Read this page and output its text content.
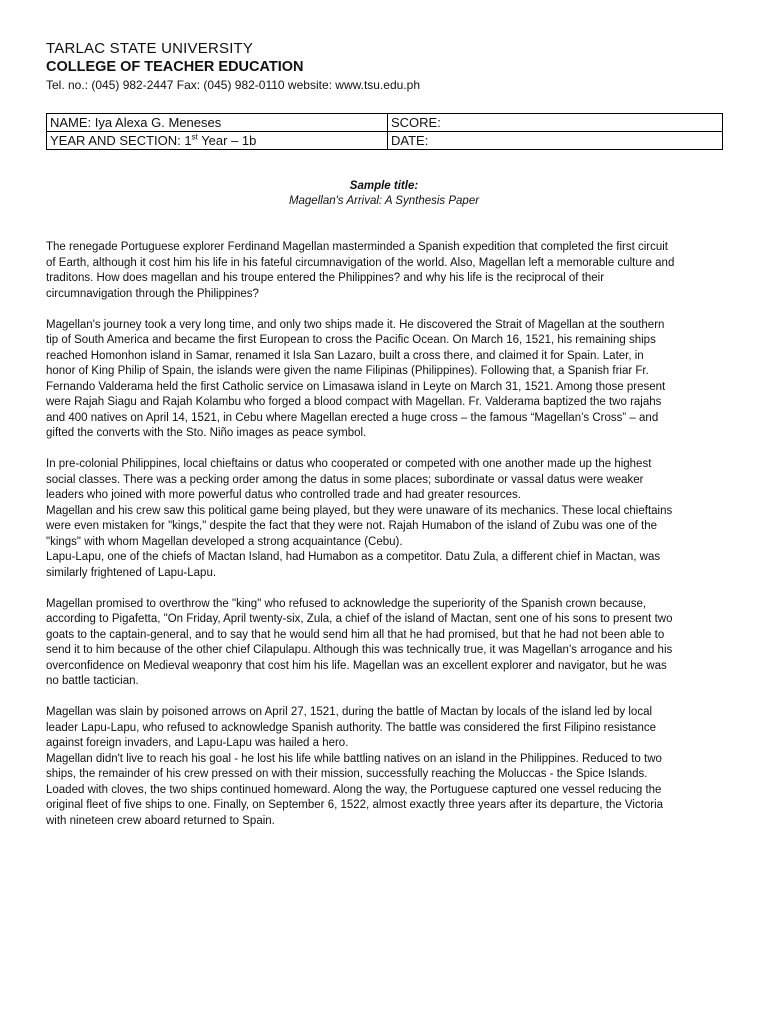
TARLAC STATE UNIVERSITY
COLLEGE OF TEACHER EDUCATION
Tel. no.: (045) 982-2447 Fax: (045) 982-0110 website: www.tsu.edu.ph
NAME: Iya Alexa G. Meneses	SCORE:
YEAR AND SECTION: 1st Year – 1b	DATE:
Sample title:
Magellan's Arrival: A Synthesis Paper

The renegade Portuguese explorer Ferdinand Magellan masterminded a Spanish expedition that completed the first circuit
of Earth, although it cost him his life in his fateful circumnavigation of the world. Also, Magellan left a memorable culture and
traditons. How does magellan and his troupe entered the Philippines? and why his life is the reciprocal of their
circumnavigation through the Philippines?

Magellan's journey took a very long time, and only two ships made it. He discovered the Strait of Magellan at the southern
tip of South America and became the first European to cross the Pacific Ocean. On March 16, 1521, his remaining ships
reached Homonhon island in Samar, renamed it Isla San Lazaro, built a cross there, and claimed it for Spain. Later, in
honor of King Philip of Spain, the islands were given the name Filipinas (Philippines). Following that, a Spanish friar Fr.
Fernando Valderama held the first Catholic service on Limasawa island in Leyte on March 31, 1521. Among those present
were Rajah Siagu and Rajah Kolambu who forged a blood compact with Magellan. Fr. Valderama baptized the two rajahs
and 400 natives on April 14, 1521, in Cebu where Magellan erected a huge cross – the famous “Magellan’s Cross” – and
gifted the converts with the Sto. Niño images as peace symbol.

In pre-colonial Philippines, local chieftains or datus who cooperated or competed with one another made up the highest
social classes. There was a pecking order among the datus in some places; subordinate or vassal datus were weaker
leaders who joined with more powerful datus who controlled trade and had greater resources.
Magellan and his crew saw this political game being played, but they were unaware of its mechanics. These local chieftains
were even mistaken for "kings," despite the fact that they were not. Rajah Humabon of the island of Zubu was one of the
"kings" with whom Magellan developed a strong acquaintance (Cebu).
Lapu-Lapu, one of the chiefs of Mactan Island, had Humabon as a competitor. Datu Zula, a different chief in Mactan, was
similarly frightened of Lapu-Lapu.

Magellan promised to overthrow the "king" who refused to acknowledge the superiority of the Spanish crown because,
according to Pigafetta, "On Friday, April twenty-six, Zula, a chief of the island of Mactan, sent one of his sons to present two
goats to the captain-general, and to say that he would send him all that he had promised, but that he had not been able to
send it to him because of the other chief Cilapulapu. Although this was technically true, it was Magellan’s arrogance and his
overconfidence on Medieval weaponry that cost him his life. Magellan was an excellent explorer and navigator, but he was
no battle tactician.

Magellan was slain by poisoned arrows on April 27, 1521, during the battle of Mactan by locals of the island led by local
leader Lapu-Lapu, who refused to acknowledge Spanish authority. The battle was considered the first Filipino resistance
against foreign invaders, and Lapu-Lapu was hailed a hero.
Magellan didn't live to reach his goal - he lost his life while battling natives on an island in the Philippines. Reduced to two
ships, the remainder of his crew pressed on with their mission, successfully reaching the Moluccas - the Spice Islands.
Loaded with cloves, the two ships continued homeward. Along the way, the Portuguese captured one vessel reducing the
original fleet of five ships to one. Finally, on September 6, 1522, almost exactly three years after its departure, the Victoria
with nineteen crew aboard returned to Spain.
